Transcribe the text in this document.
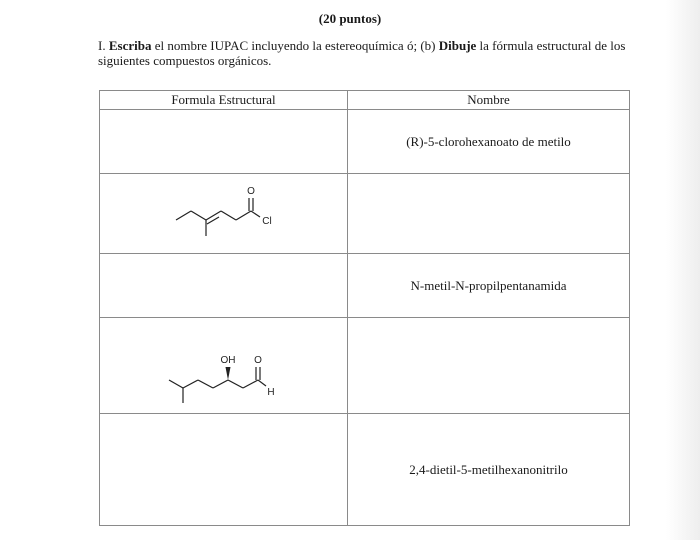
(20 puntos)
I. Escriba el nombre IUPAC incluyendo la estereoquímica ó; (b) Dibuje la fórmula estructural de los siguientes compuestos orgánicos.
Formula Estructural	Nombre
	(R)-5-clorohexanoato de metilo

O
Cl	

	N-metil-N-propilpentanamida

OH O
H	

	2,4-dietil-5-metilhexanonitrilo
